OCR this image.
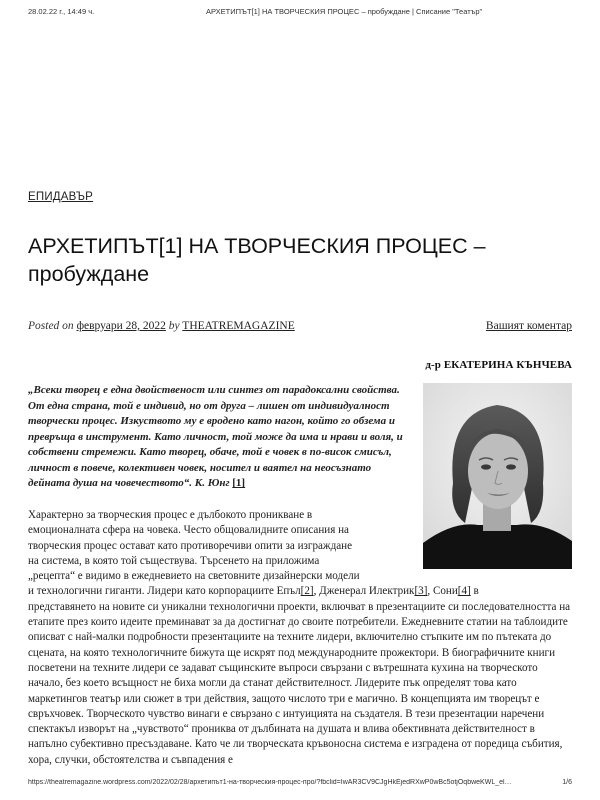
28.02.22 г., 14:49 ч.	АРХЕТИПЪТ[1] НА ТВОРЧЕСКИЯ ПРОЦЕС – пробуждане | Списание "Театър"
ЕПИДАВЪР
АРХЕТИПЪТ[1] НА ТВОРЧЕСКИЯ ПРОЦЕС – пробуждане
Posted on февруари 28, 2022 by THEATREMAGAZINE	Вашият коментар
д-р ЕКАТЕРИНА КЪНЧЕВА

„Всеки творец е една двойственост или синтез от парадоксални свойства. От една страна, той е индивид, но от друга – лишен от индивидуалност творчески процес. Изкуството му е вродено като нагон, който го обзема и превръща в инструмент. Като личност, той може да има и нрави и воля, и собствени стремежи. Като творец, обаче, той е човек в по-висок смисъл, личност в повече, колективен човек, носител и ваятел на неосъзнато дейната душа на човечеството“. К. Юнг [1]

Характерно за творческия процес е дълбокото проникване в
емоционалната сфера на човека. Често общовалидните описания на
творческия процес остават като противоречиви опити за изграждане
на система, в която той съществува. Търсенето на приложима
„рецепта“ е видимо в ежедневието на световните дизайнерски модели
и технологични гиганти. Лидери като корпорациите Епъл[2], Дженерал Илектрик[3], Сони[4] в

представянето на новите си уникални технологични проекти, включват в презентациите си последователността на етапите през които идеите преминават за да достигнат до своите потребители. Ежедневните статии на таблоидите описват с най-малки подробности презентациите на техните лидери, включително стъпките им по пътеката до сцената, на която технологичните бижута ще искрят под международните прожектори. В биографичните книги посветени на техните лидери се задават същинските въпроси свързани с вътрешната кухина на творческото начало, без което всъщност не биха могли да станат действителност. Лидерите пък определят това като маркетингов театър или сюжет в три действия, защото числото три е магично. В концепцията им творецът е свръхчовек. Творческото чувство винаги е свързано с интуицията на създателя. В тези презентации наречени спектакъл изворът на „чувството“ прониква от дълбината на душата и влива обективната действителност в напълно субективно пресъздаване. Като че ли творческата кръвоносна система е изградена от поредица събития, хора, случки, обстоятелства и съвпадения е

https://theatremagazine.wordpress.com/2022/02/28/архетипът1-на-творческия-процес-про/?fbclid=IwAR3CV9CJgHkEjedRXwP0wBc5otjOqbweKWL_el…	1/6
